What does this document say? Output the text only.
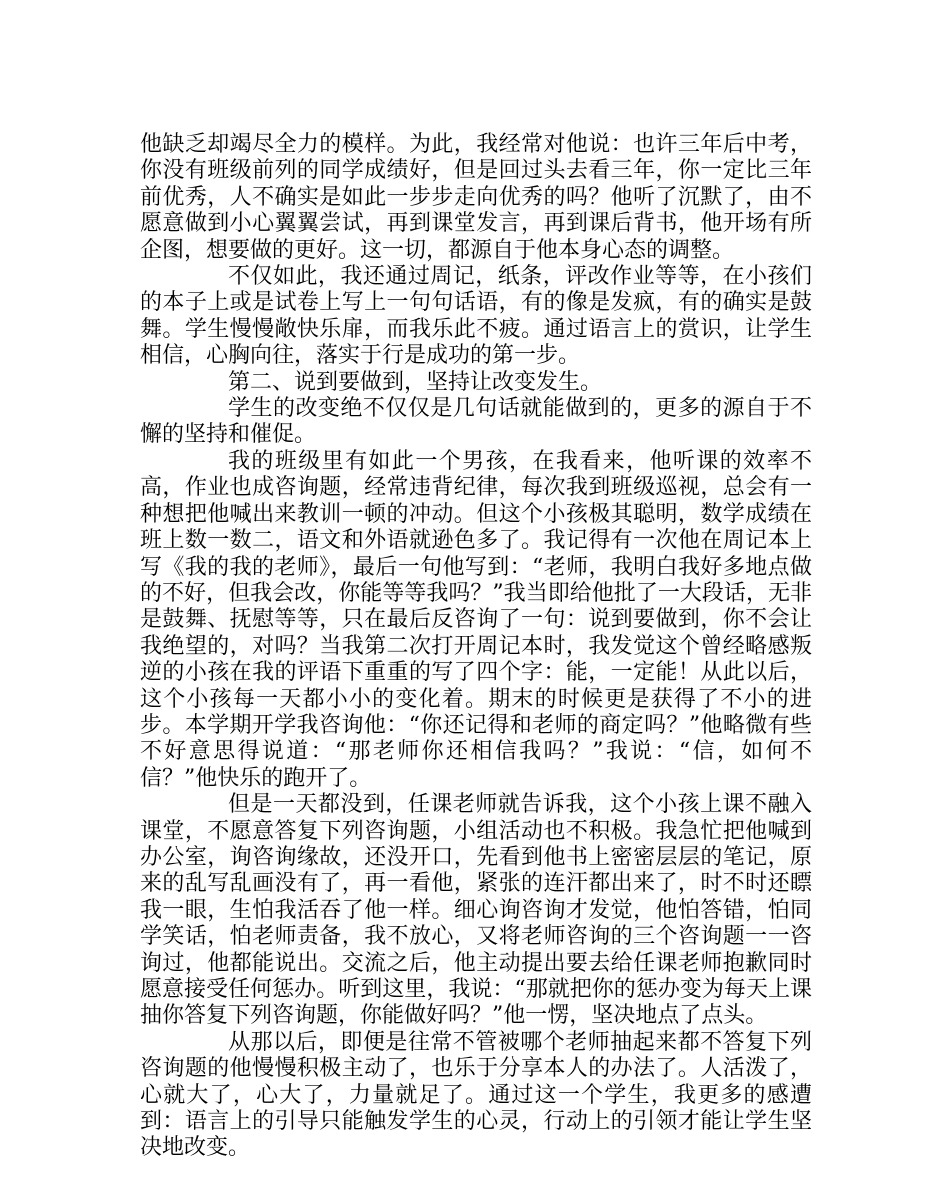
他缺乏却竭尽全力的模样。为此，我经常对他说：也许三年后中考，你没有班级前列的同学成绩好，但是回过头去看三年，你一定比三年前优秀，人不确实是如此一步步走向优秀的吗？他听了沉默了，由不愿意做到小心翼翼尝试，再到课堂发言，再到课后背书，他开场有所企图，想要做的更好。这一切，都源自于他本身心态的调整。

不仅如此，我还通过周记，纸条，评改作业等等，在小孩们的本子上或是试卷上写上一句句话语，有的像是发疯，有的确实是鼓舞。学生慢慢敞快乐扉，而我乐此不疲。通过语言上的赏识，让学生相信，心胸向往，落实于行是成功的第一步。

第二、说到要做到，坚持让改变发生。

学生的改变绝不仅仅是几句话就能做到的，更多的源自于不懈的坚持和催促。

我的班级里有如此一个男孩，在我看来，他听课的效率不高，作业也成咨询题，经常违背纪律，每次我到班级巡视，总会有一种想把他喊出来教训一顿的冲动。但这个小孩极其聪明，数学成绩在班上数一数二，语文和外语就逊色多了。我记得有一次他在周记本上写《我的我的老师》，最后一句他写到：“老师，我明白我好多地点做的不好，但我会改，你能等等我吗？”我当即给他批了一大段话，无非是鼓舞、抚慰等等，只在最后反咨询了一句：说到要做到，你不会让我绝望的，对吗？当我第二次打开周记本时，我发觉这个曾经略感叛逆的小孩在我的评语下重重的写了四个字：能，一定能！从此以后，这个小孩每一天都小小的变化着。期末的时候更是获得了不小的进步。本学期开学我咨询他：“你还记得和老师的商定吗？”他略微有些不好意思得说道：“那老师你还相信我吗？”我说：“信，如何不信？”他快乐的跑开了。

但是一天都没到，任课老师就告诉我，这个小孩上课不融入课堂，不愿意答复下列咨询题，小组活动也不积极。我急忙把他喊到办公室，询咨询缘故，还没开口，先看到他书上密密层层的笔记，原来的乱写乱画没有了，再一看他，紧张的连汗都出来了，时不时还瞟我一眼，生怕我活吞了他一样。细心询咨询才发觉，他怕答错，怕同学笑话，怕老师责备，我不放心，又将老师咨询的三个咨询题一一咨询过，他都能说出。交流之后，他主动提出要去给任课老师抱歉同时愿意接受任何惩办。听到这里，我说：“那就把你的惩办变为每天上课抽你答复下列咨询题，你能做好吗？”他一愣，坚决地点了点头。

从那以后，即便是往常不管被哪个老师抽起来都不答复下列咨询题的他慢慢积极主动了，也乐于分享本人的办法了。人活泼了，心就大了，心大了，力量就足了。通过这一个学生，我更多的感遭到：语言上的引导只能触发学生的心灵，行动上的引领才能让学生坚决地改变。
